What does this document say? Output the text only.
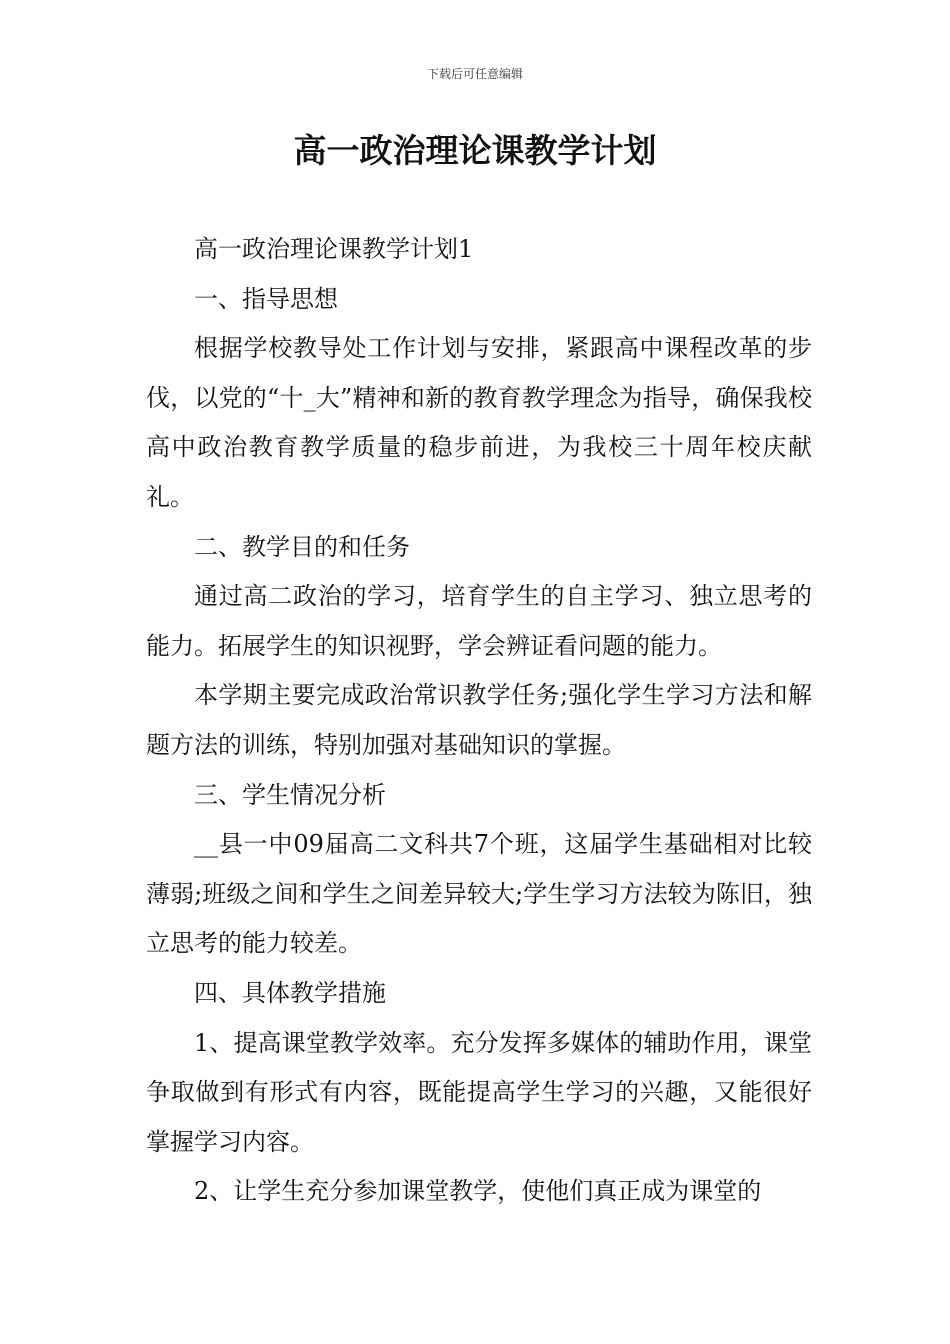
下载后可任意编辑
高一政治理论课教学计划

高一政治理论课教学计划1

一、指导思想

根据学校教导处工作计划与安排，紧跟高中课程改革的步伐，以党的“十_大”精神和新的教育教学理念为指导，确保我校高中政治教育教学质量的稳步前进，为我校三十周年校庆献礼。

二、教学目的和任务

通过高二政治的学习，培育学生的自主学习、独立思考的能力。拓展学生的知识视野，学会辨证看问题的能力。

本学期主要完成政治常识教学任务;强化学生学习方法和解题方法的训练，特别加强对基础知识的掌握。

三、学生情况分析

__县一中09届高二文科共7个班，这届学生基础相对比较薄弱;班级之间和学生之间差异较大;学生学习方法较为陈旧，独立思考的能力较差。

四、具体教学措施

1、提高课堂教学效率。充分发挥多媒体的辅助作用，课堂争取做到有形式有内容，既能提高学生学习的兴趣，又能很好掌握学习内容。

2、让学生充分参加课堂教学，使他们真正成为课堂的
